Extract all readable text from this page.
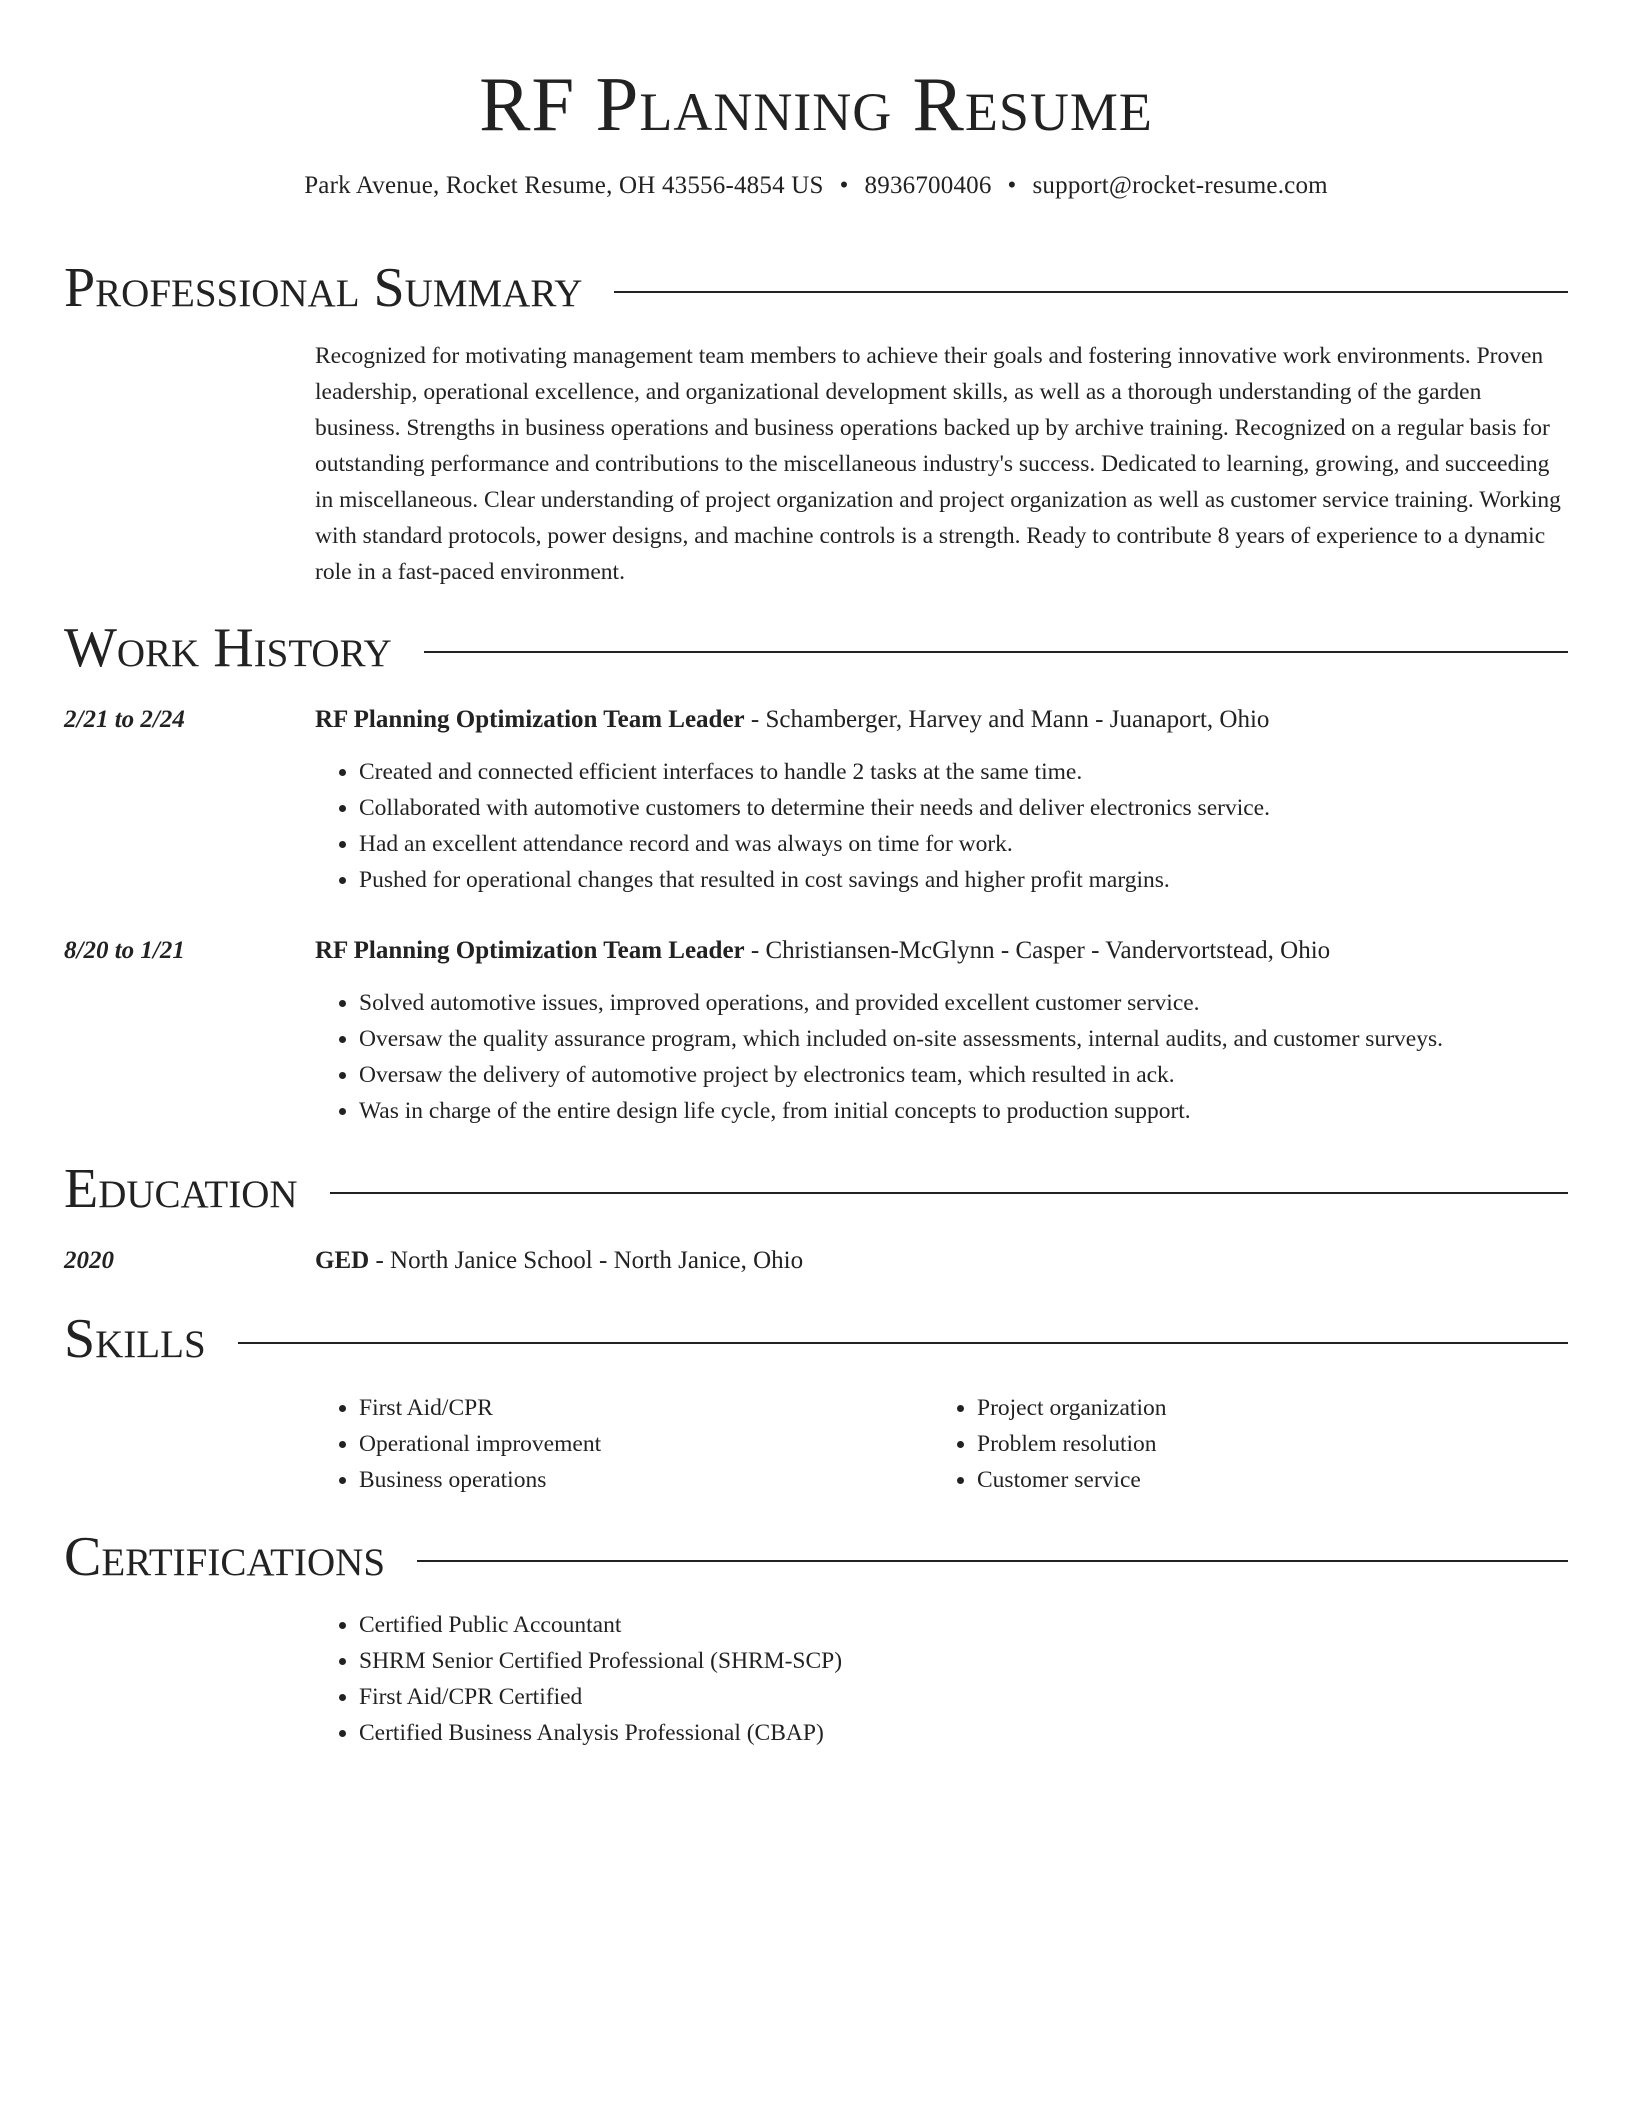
RF Planning Resume
Park Avenue, Rocket Resume, OH 43556-4854 US • 8936700406 • support@rocket-resume.com
Professional Summary

Recognized for motivating management team members to achieve their goals and fostering innovative work environments. Proven leadership, operational excellence, and organizational development skills, as well as a thorough understanding of the garden business. Strengths in business operations and business operations backed up by archive training. Recognized on a regular basis for outstanding performance and contributions to the miscellaneous industry's success. Dedicated to learning, growing, and succeeding in miscellaneous. Clear understanding of project organization and project organization as well as customer service training. Working with standard protocols, power designs, and machine controls is a strength. Ready to contribute 8 years of experience to a dynamic role in a fast-paced environment.

Work History
2/21 to 2/24	RF Planning Optimization Team Leader - Schamberger, Harvey and Mann - Juanaport, Ohio
• Created and connected efficient interfaces to handle 2 tasks at the same time.
• Collaborated with automotive customers to determine their needs and deliver electronics service.
• Had an excellent attendance record and was always on time for work.
• Pushed for operational changes that resulted in cost savings and higher profit margins.
8/20 to 1/21	RF Planning Optimization Team Leader - Christiansen-McGlynn - Casper - Vandervortstead, Ohio
• Solved automotive issues, improved operations, and provided excellent customer service.
• Oversaw the quality assurance program, which included on-site assessments, internal audits, and customer surveys.
• Oversaw the delivery of automotive project by electronics team, which resulted in ack.
• Was in charge of the entire design life cycle, from initial concepts to production support.
Education
2020	GED - North Janice School - North Janice, Ohio
Skills
• First Aid/CPR
• Operational improvement
• Business operations
• Project organization
• Problem resolution
• Customer service
Certifications
• Certified Public Accountant
• SHRM Senior Certified Professional (SHRM-SCP)
• First Aid/CPR Certified
• Certified Business Analysis Professional (CBAP)
